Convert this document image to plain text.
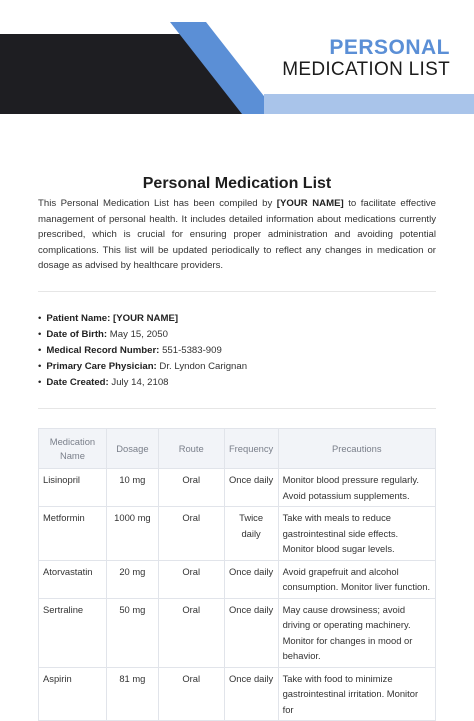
PERSONAL
MEDICATION LIST
Personal Medication List
This Personal Medication List has been compiled by [YOUR NAME] to facilitate effective management of personal health. It includes detailed information about medications currently prescribed, which is crucial for ensuring proper administration and avoiding potential complications. This list will be updated periodically to reflect any changes in medication or dosage as advised by healthcare providers.
• Patient Name: [YOUR NAME]
• Date of Birth: May 15, 2050
• Medical Record Number: 551-5383-909
• Primary Care Physician: Dr. Lyndon Carignan
• Date Created: July 14, 2108
Medication Name	Dosage	Route	Frequency	Precautions
Lisinopril	10 mg	Oral	Once daily	Monitor blood pressure regularly. Avoid potassium supplements.
Metformin	1000 mg	Oral	Twice daily	Take with meals to reduce gastrointestinal side effects. Monitor blood sugar levels.
Atorvastatin	20 mg	Oral	Once daily	Avoid grapefruit and alcohol consumption. Monitor liver function.
Sertraline	50 mg	Oral	Once daily	May cause drowsiness; avoid driving or operating machinery. Monitor for changes in mood or behavior.
Aspirin	81 mg	Oral	Once daily	Take with food to minimize gastrointestinal irritation. Monitor for
